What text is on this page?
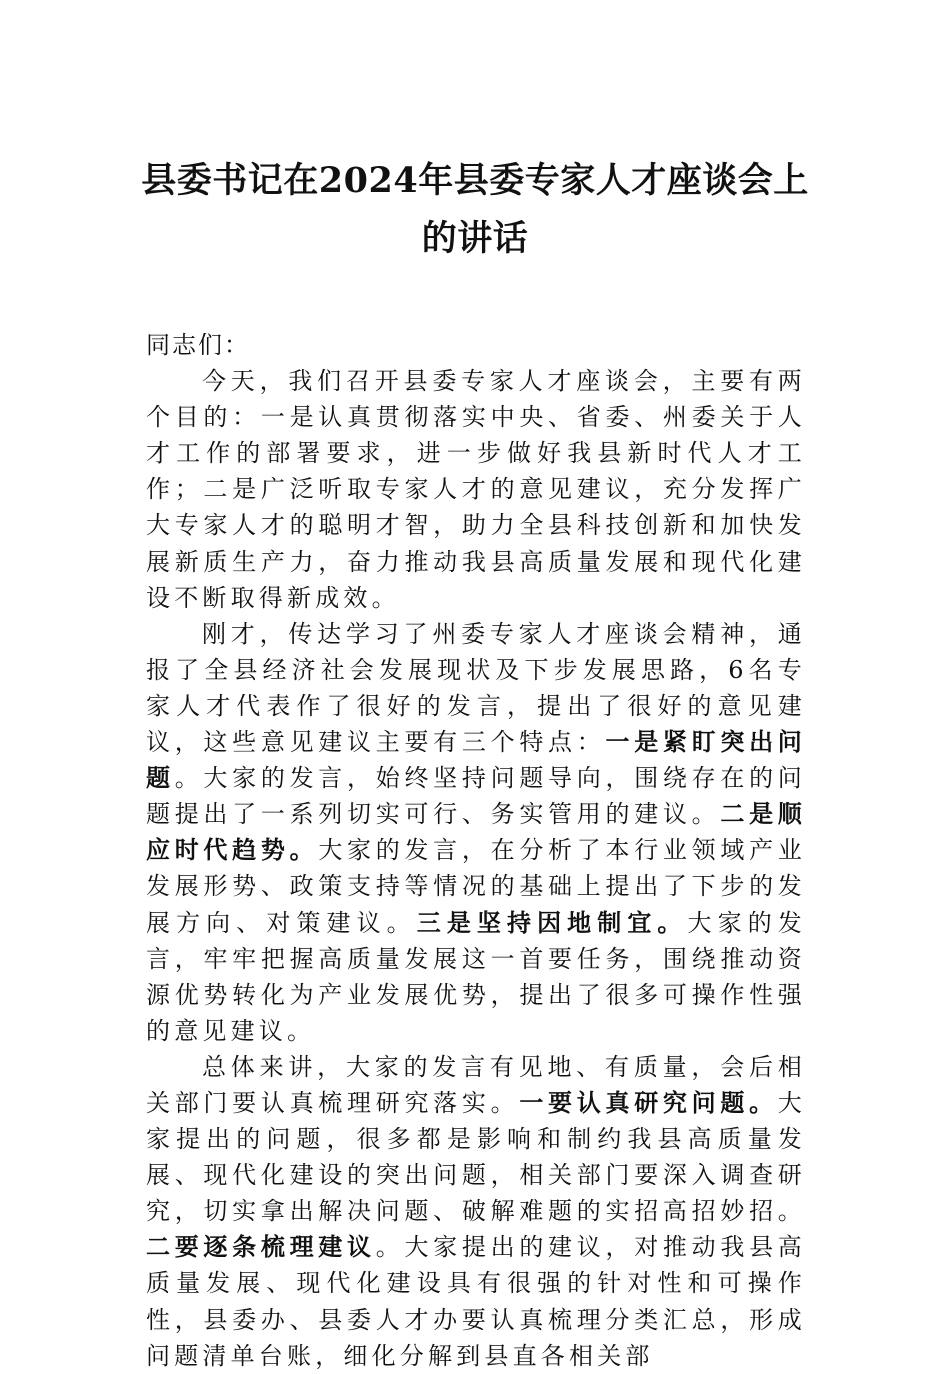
县委书记在2024年县委专家人才座谈会上
的讲话

同志们：

今天，我们召开县委专家人才座谈会，主要有两个目的：一是认真贯彻落实中央、省委、州委关于人才工作的部署要求，进一步做好我县新时代人才工作；二是广泛听取专家人才的意见建议，充分发挥广大专家人才的聪明才智，助力全县科技创新和加快发展新质生产力，奋力推动我县高质量发展和现代化建设不断取得新成效。

刚才，传达学习了州委专家人才座谈会精神，通报了全县经济社会发展现状及下步发展思路，6名专家人才代表作了很好的发言，提出了很好的意见建议，这些意见建议主要有三个特点：一是紧盯突出问题。大家的发言，始终坚持问题导向，围绕存在的问题提出了一系列切实可行、务实管用的建议。二是顺应时代趋势。大家的发言，在分析了本行业领域产业发展形势、政策支持等情况的基础上提出了下步的发展方向、对策建议。三是坚持因地制宜。大家的发言，牢牢把握高质量发展这一首要任务，围绕推动资源优势转化为产业发展优势，提出了很多可操作性强的意见建议。

总体来讲，大家的发言有见地、有质量，会后相关部门要认真梳理研究落实。一要认真研究问题。大家提出的问题，很多都是影响和制约我县高质量发展、现代化建设的突出问题，相关部门要深入调查研究，切实拿出解决问题、破解难题的实招高招妙招。二要逐条梳理建议。大家提出的建议，对推动我县高质量发展、现代化建设具有很强的针对性和可操作性，县委办、县委人才办要认真梳理分类汇总，形成问题清单台账，细化分解到县直各相关部
